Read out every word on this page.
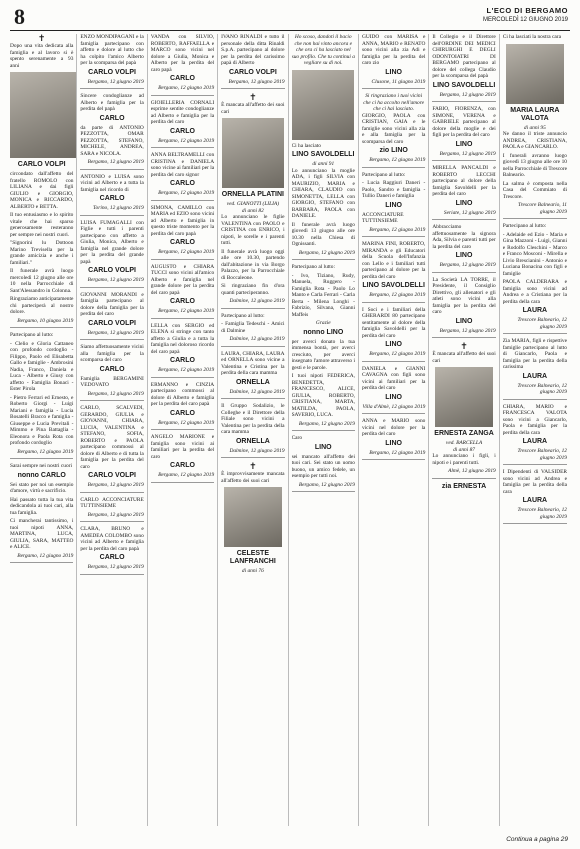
8	L'ECO DI BERGAMO
MERCOLEDÌ 12 GIUGNO 2019
✝
Dopo una vita dedicata alla famiglia e al lavoro si è spento serenamente a 93 anni
CARLO VOLPI
circondato dall'affetto del fratello ROMOLO con LILIANA e dai figli GIULIO e GIORGIO, MONICA e RICCARDO, ALBERTO e BETTA.
Il tuo entusiasmo e lo spirito vitale che hai sparso generosamente resteranno per sempre nei nostri cuori.
"Signorini lu Dottoon Marino Trevisella per la grande amicizia e anche i familiari."
Il funerale avrà luogo mercoledì 12 giugno alle ore 10 nella Parrocchiale di Sant'Alessandro in Colonna.
Ringraziamo anticipatamente chi parteciperà al nostro dolore.
Bergamo, 10 giugno 2019
Partecipano al lutto:
- Clelio e Gloria Cattaneo con profondo cordoglio - Filippo, Paolo ed Elisabetta Gallo e famiglie - Ambrosini Nadia, Franco, Daniela e Luca - Alberto e Giusy con affetto - Famiglia Bonaci - Ester Pirola
- Pietro Ferrari ed Ernesto, e Roberto Giorgi - Luigi Mariani e famiglia - Lucia Bosatelli Bracco e famiglia - Giuseppe e Lucia Previtali - Mimmo e Pina Battaglia - Eleonora e Paola Rota con profondo cordoglio
Bergamo, 12 giugno 2019
Sarai sempre nei nostri cuori
nonno CARLO
Sei stato per noi un esempio d'amore, virtù e sacrificio.
Hai passato tutta la tua vita dedicandola ai tuoi cari, alla tua famiglia.
Ci mancherai tantissimo, i tuoi nipoti ANNA, MARTINA, LUCA, GIULIA, SARA, MATTEO e ALICE.
Bergamo, 12 giugno 2019
ENZO MONDIPAGANI e la famiglia partecipano con affetto e dolore al lutto che ha colpito l'amico Alberto per la scomparsa del papà
CARLO VOLPI
Bergamo, 12 giugno 2019
Sincere condoglianze ad Alberto e famiglia per la perdita del papà
CARLO
da parte di ANTONIO PEZZOTTA, OMAR PEZZOTTA, STEFANO, MICHELE, ANDREA, SARA e NICOLA.
Bergamo, 12 giugno 2019
ANTONIO e LUISA sono vicini ad Alberto e a tutta la famiglia nel ricordo di
CARLO
Torino, 12 giugno 2019
LUISA FUMAGALLI con Figlie e tutti i parenti partecipano con affetto a Giulia, Monica, Alberto e famiglia nel grande dolore per la perdita del grande papà
CARLO VOLPI
Bergamo, 12 giugno 2019
GIOVANNI MORANDI e famiglia partecipano al dolore della famiglia per la perdita del caro
CARLO VOLPI
Bergamo, 12 giugno 2019
Siamo affettuosamente vicini alla famiglia per la scomparsa del caro
CARLO
Famiglia BERGAMINI VEDOVATO
Bergamo, 12 giugno 2019
CARLO, SCALVEDI, GERARDO, GIULIA e GIOVANNI, CHIARA, LUCIA, VALENTINA e STEFANO, SOFIA, ROBERTO e PAOLA partecipano commossi al dolore di Alberto e di tutta la famiglia per la perdita del caro
CARLO VOLPI
Bergamo, 12 giugno 2019
CARLO ACCONCIATURE TUTTINSIEME
Bergamo, 12 giugno 2019
CLARA, BRUNO e AMEDEA COLOMBO sono vicini ad Alberto e famiglia per la perdita del caro papà
CARLO
Bergamo, 12 giugno 2019
VANDA con SILVIO, ROBERTO, RAFFAELLA e MARCO sono vicini nel dolore a Giulia, Monica e Alberto per la perdita del caro papà
CARLO
Bergamo, 12 giugno 2019
GIOIELLERIA CORNALI esprime sentite condoglianze ad Alberto e famiglia per la perdita del caro
CARLO
Bergamo, 12 giugno 2019
ANNA BELTRAMELLI con CRISTINA e DANIELA sono vicine ai familiari per la perdita del caro signor
CARLO
Bergamo, 12 giugno 2019
SIMONA, CAMILLO con MARIA ed EZIO sono vicini ad Alberto e famiglia in questo triste momento per la perdita del caro papà
CARLO
Bergamo, 12 giugno 2019
AUGUSTO e CHIARA TUCCI sono vicini all'amico Alberto e famiglia nel grande dolore per la perdita del caro papà
CARLO
Bergamo, 12 giugno 2019
LELLA con SERGIO ed ELENA si stringe con tanto affetto a Giulia e a tutta la famiglia nel doloroso ricordo del caro papà
CARLO
Bergamo, 12 giugno 2019
ERMANNO e CINZIA partecipano commossi al dolore di Alberto e famiglia per la perdita del caro papà
CARLO
Bergamo, 12 giugno 2019
ANGELO MARIONE e famiglia sono vicini ai familiari per la perdita del caro
CARLO
Bergamo, 12 giugno 2019
IVANO RINALDI e tutto il personale della ditta Rinaldi S.p.A. partecipano al dolore per la perdita del carissimo papà di Alberto
CARLO VOLPI
Bergamo, 12 giugno 2019
✝
È mancata all'affetto dei suoi cari
ORNELLA PLATINI
ved. GIANOTTI (LILIA)
di anni 82
Lo annunciano le figlie VALENTINA con PAOLO e CRISTINA con ENRICO, i nipoti, le sorelle e i parenti tutti.
Il funerale avrà luogo oggi alle ore 10.30, partendo dall'abitazione in via Borgo Palazzo, per la Parrocchiale di Boccaleone.
Si ringraziano fin d'ora quanti parteciperanno.
Dalmine, 12 giugno 2019
Partecipano al lutto:
- Famiglia Tedeschi - Amici di Dalmine
Dalmine, 12 giugno 2019
LAURA, CHIARA, LAURA ed ORNELLA sono vicine a Valentina e Cristina per la perdita della cara mamma
ORNELLA
Dalmine, 12 giugno 2019
Il Gruppo Sodalizio, le Colleghe e il Direttore della Filiale sono vicini a Valentina per la perdita della cara mamma
ORNELLA
Dalmine, 12 giugno 2019
✝
È improvvisamente mancata all'affetto dei suoi cari
CELESTE LANFRANCHI
di anni 76
Ho scoso, dandoti il bacio che non hai vinto ancora e che ora ci ha lasciato nel suo profilo. Che tu continui a vegliare su di noi.
Ci ha lasciato
LINO SAVOLDELLI
di anni 91
Lo annunciano la moglie ADA, i figli SILVIA con MAURIZIO, MARIA e CHIARA, CLAUDIO con SIMONETTA, LELLA con GIORGIO, STEFANO con BARBARA, PAOLA con DANIELE.
Il funerale avrà luogo giovedì 13 giugno alle ore 10.30 nella Chiesa di Ognissanti.
Bergamo, 12 giugno 2019
Partecipano al lutto:
- Ivo, Tiziano, Rudy, Manuela, Ruggero - Famiglia Rota - Paolo Lo Manto e Carla Ferrari - Carla Berta - Milena Longhi - Fabrizio, Silvana, Gianni Maffeis
Grazie
nonno LINO
per averci donato la tua immensa bontà, per averci cresciuto, per averci insegnato l'amore attraverso i gesti e le parole.
I tuoi nipoti FEDERICA, BENEDETTA, FRANCESCO, ALICE, GIULIA, ROBERTO, CRISTIANA, MARTA, MATILDA, PAOLA, SAVERIO, LUCA.
Bergamo, 12 giugno 2019
Caro
LINO
sei mancato all'affetto dei tuoi cari. Sei stato un uomo buono, un amico fedele, un esempio per tutti noi.
Bergamo, 12 giugno 2019
GUIDO con MARISA e ANNA, MARIO e RENATO sono vicini alla zia Adi e famiglia per la perdita del caro zio
LINO
Clusone, 11 giugno 2019
Si ringraziano i tuoi vicini che ci ha accolto nell'amore che ci hai lasciato.
GIORGIO, PAOLA con CRISTIAN, GAIA e le famiglie sono vicini alla zia e alla famiglia per la scomparsa del caro
zio LINO
Bergamo, 12 giugno 2019
Partecipano al lutto:
- Lucia Raggiuri Daneri - Paolo, Sandro e famiglia - Tullio Daneri e famiglia
LINO
ACCONCIATURE TUTTINSIEME
Bergamo, 12 giugno 2019
MARINA FINI, ROBERTO, MIRANDA e gli Educatori della Scuola dell'Infanzia con Lello e i familiari tutti partecipano al dolore per la perdita del caro
LINO SAVOLDELLI
Bergamo, 12 giugno 2019
I Soci e i familiari della GHERARDI 80 partecipano sentitamente al dolore della famiglia Savoldelli per la perdita del caro
LINO
Bergamo, 12 giugno 2019
DANIELA e GIANNI CAVAGNA con figli sono vicini ai familiari per la perdita del caro
LINO
Villa d'Almè, 12 giugno 2019
ANNA e MARIO sono vicini nel dolore per la perdita del caro
LINO
Bergamo, 12 giugno 2019
Il Collegio e il Direttore dell'ORDINE DEI MEDICI CHIRURGHI E DEGLI ODONTOIATRI DI BERGAMO partecipano al dolore del collega Claudio per la scomparsa del papà
LINO SAVOLDELLI
Bergamo, 12 giugno 2019
FABIO, FIORENZA, con SIMONE, VERENA e GABRIELE partecipano al dolore della moglie e dei figli per la perdita del caro
LINO
Bergamo, 12 giugno 2019
MIRELLA PANCALDI e ROBERTO LECCHI partecipano al dolore della famiglia Savoldelli per la perdita del caro
LINO
Seriate, 12 giugno 2019
Abbracciamo affettuosamente la signora Ada, Silvia e parenti tutti per la perdita del caro
LINO
Bergamo, 12 giugno 2019
La Società LA TORRE, il Presidente, il Consiglio Direttivo, gli allenatori e gli atleti sono vicini alla famiglia per la perdita del caro
LINO
Bergamo, 12 giugno 2019
✝
È mancata all'affetto dei suoi cari
ERNESTA ZANGA
ved. BARCELLA
di anni 87
Lo annunciano i figli, i nipoti e i parenti tutti.
Almè, 12 giugno 2019
zia ERNESTA
Ci ha lasciati la nostra cara
MARIA LAURA VALOTA
di anni 95
Ne danno il triste annuncio ANDREA, CRISTIANA, PAOLA e GIANCARLO.
I funerali avranno luogo giovedì 13 giugno alle ore 10 nella Parrocchiale di Trescore Balneario.
La salma è composta nella Casa del Commiato di Trescore.
Trescore Balneario, 11 giugno 2019
Partecipano al lutto:
- Adelaide ed Ezio - Maria e Gina Mazzoni - Luigi, Gianni e Rodolfo Cleschini - Marco e Franco Mosconi - Mirella e Livio Brescianini - Antonio e Luciana Bonacina con figli e famiglie
PAOLA CALDERARA e famiglia sono vicini ad Andrea e a Cristiana per la perdita della cara
LAURA
Trescore Balneario, 12 giugno 2019
Zia MARIA, figli e rispettive famiglie partecipano al lutto di Giancarlo, Paola e famiglia per la perdita della carissima
LAURA
Trescore Balneario, 12 giugno 2019
CHIARA, MARIO e FRANCESCA VALOTA sono vicini a Giancarlo, Paola e famiglia per la perdita della cara
LAURA
Trescore Balneario, 12 giugno 2019
I Dipendenti di VALSIDER sono vicini ad Andrea e famiglia per la perdita della cara
LAURA
Trescore Balneario, 12 giugno 2019
Continua a pagina 29
